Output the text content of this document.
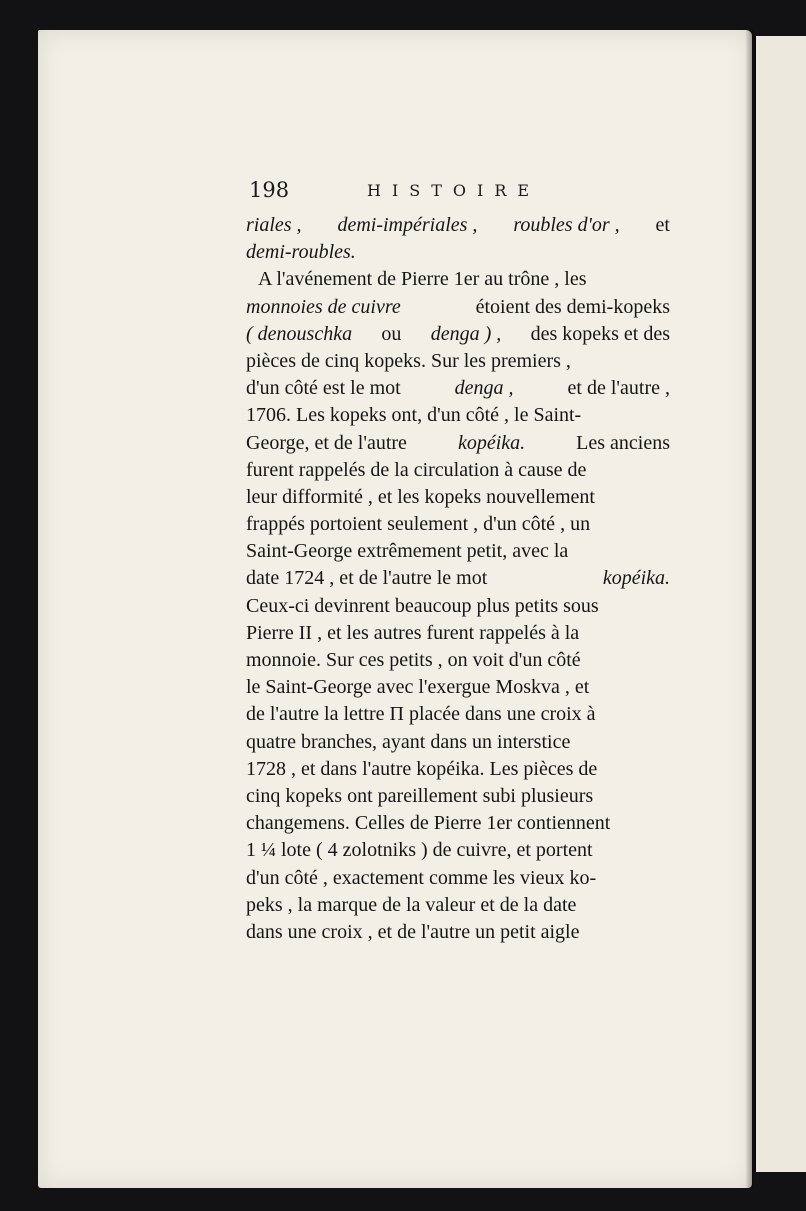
198	HISTOIRE
riales , demi-impériales , roubles d'or , et
demi-roubles.
A l'avénement de Pierre 1er au trône , les
monnoies de cuivre	étoient des demi-kopeks
( denouschka ou denga ) , des kopeks et des
pièces de cinq kopeks. Sur les premiers ,
d'un côté est le mot	denga ,	et de l'autre ,
1706. Les kopeks ont, d'un côté , le Saint-
George, et de l'autre	kopéika.	Les anciens
furent rappelés de la circulation à cause de
leur difformité , et les kopeks nouvellement
frappés portoient seulement , d'un côté , un
Saint-George extrêmement petit, avec la
date 1724 , et de l'autre le mot	kopéika.
Ceux-ci devinrent beaucoup plus petits sous
Pierre II , et les autres furent rappelés à la
monnoie. Sur ces petits , on voit d'un côté
le Saint-George avec l'exergue Moskva , et
de l'autre la lettre Π placée dans une croix à
quatre branches, ayant dans un interstice
1728 , et dans l'autre kopéika. Les pièces de
cinq kopeks ont pareillement subi plusieurs
changemens. Celles de Pierre 1er contiennent
1 ¼ lote ( 4 zolotniks ) de cuivre, et portent
d'un côté , exactement comme les vieux ko-
peks , la marque de la valeur et de la date
dans une croix , et de l'autre un petit aigle
